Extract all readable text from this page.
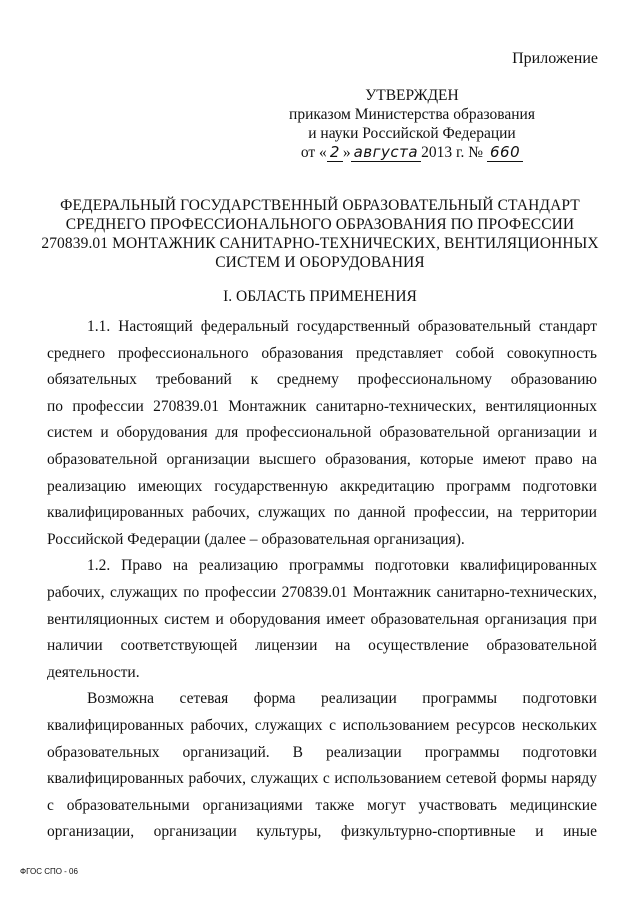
Приложение
УТВЕРЖДЕН
приказом Министерства образования
и науки Российской Федерации
от « 2 » августа 2013 г. № 660
ФЕДЕРАЛЬНЫЙ ГОСУДАРСТВЕННЫЙ ОБРАЗОВАТЕЛЬНЫЙ СТАНДАРТ
СРЕДНЕГО ПРОФЕССИОНАЛЬНОГО ОБРАЗОВАНИЯ ПО ПРОФЕССИИ
270839.01 МОНТАЖНИК САНИТАРНО-ТЕХНИЧЕСКИХ, ВЕНТИЛЯЦИОННЫХ
СИСТЕМ И ОБОРУДОВАНИЯ
I. ОБЛАСТЬ ПРИМЕНЕНИЯ
1.1. Настоящий федеральный государственный образовательный стандарт
среднего профессионального образования представляет собой совокупность
обязательных требований к среднему профессиональному образованию
по профессии 270839.01 Монтажник санитарно-технических, вентиляционных
систем и оборудования для профессиональной образовательной организации и
образовательной организации высшего образования, которые имеют право на
реализацию имеющих государственную аккредитацию программ подготовки
квалифицированных рабочих, служащих по данной профессии, на территории
Российской Федерации (далее – образовательная организация).
1.2. Право на реализацию программы подготовки квалифицированных
рабочих, служащих по профессии 270839.01 Монтажник санитарно-технических,
вентиляционных систем и оборудования имеет образовательная организация при
наличии соответствующей лицензии на осуществление образовательной
деятельности.
Возможна сетевая форма реализации программы подготовки
квалифицированных рабочих, служащих с использованием ресурсов нескольких
образовательных организаций. В реализации программы подготовки
квалифицированных рабочих, служащих с использованием сетевой формы наряду
с образовательными организациями также могут участвовать медицинские
организации, организации культуры, физкультурно-спортивные и иные
ФГОС СПО - 06
